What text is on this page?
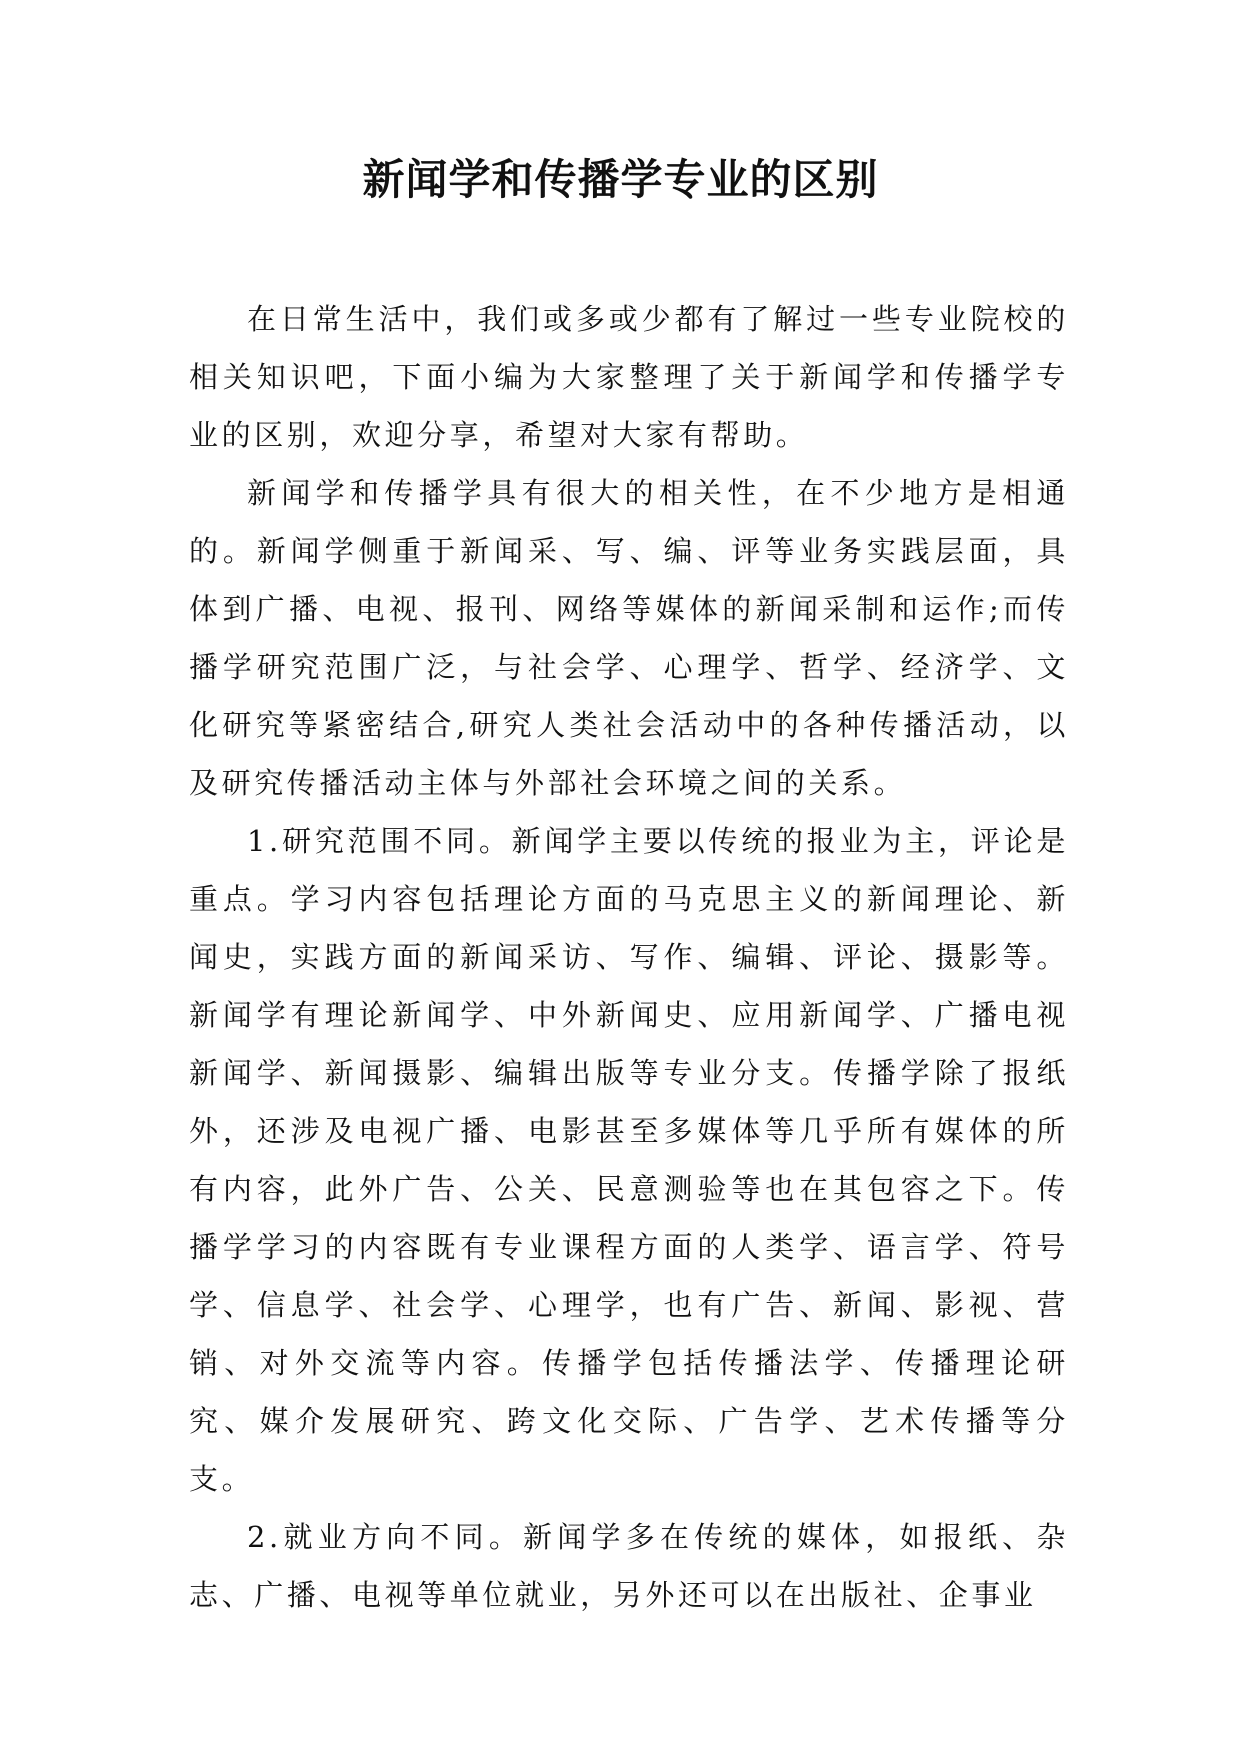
新闻学和传播学专业的区别

在日常生活中，我们或多或少都有了解过一些专业院校的相关知识吧，下面小编为大家整理了关于新闻学和传播学专业的区别，欢迎分享，希望对大家有帮助。

新闻学和传播学具有很大的相关性，在不少地方是相通的。新闻学侧重于新闻采、写、编、评等业务实践层面，具体到广播、电视、报刊、网络等媒体的新闻采制和运作;而传播学研究范围广泛，与社会学、心理学、哲学、经济学、文化研究等紧密结合,研究人类社会活动中的各种传播活动，以及研究传播活动主体与外部社会环境之间的关系。

1.研究范围不同。新闻学主要以传统的报业为主，评论是重点。学习内容包括理论方面的马克思主义的新闻理论、新闻史，实践方面的新闻采访、写作、编辑、评论、摄影等。新闻学有理论新闻学、中外新闻史、应用新闻学、广播电视新闻学、新闻摄影、编辑出版等专业分支。传播学除了报纸外，还涉及电视广播、电影甚至多媒体等几乎所有媒体的所有内容，此外广告、公关、民意测验等也在其包容之下。传播学学习的内容既有专业课程方面的人类学、语言学、符号学、信息学、社会学、心理学，也有广告、新闻、影视、营销、对外交流等内容。传播学包括传播法学、传播理论研究、媒介发展研究、跨文化交际、广告学、艺术传播等分支。

2.就业方向不同。新闻学多在传统的媒体，如报纸、杂志、广播、电视等单位就业，另外还可以在出版社、企事业
